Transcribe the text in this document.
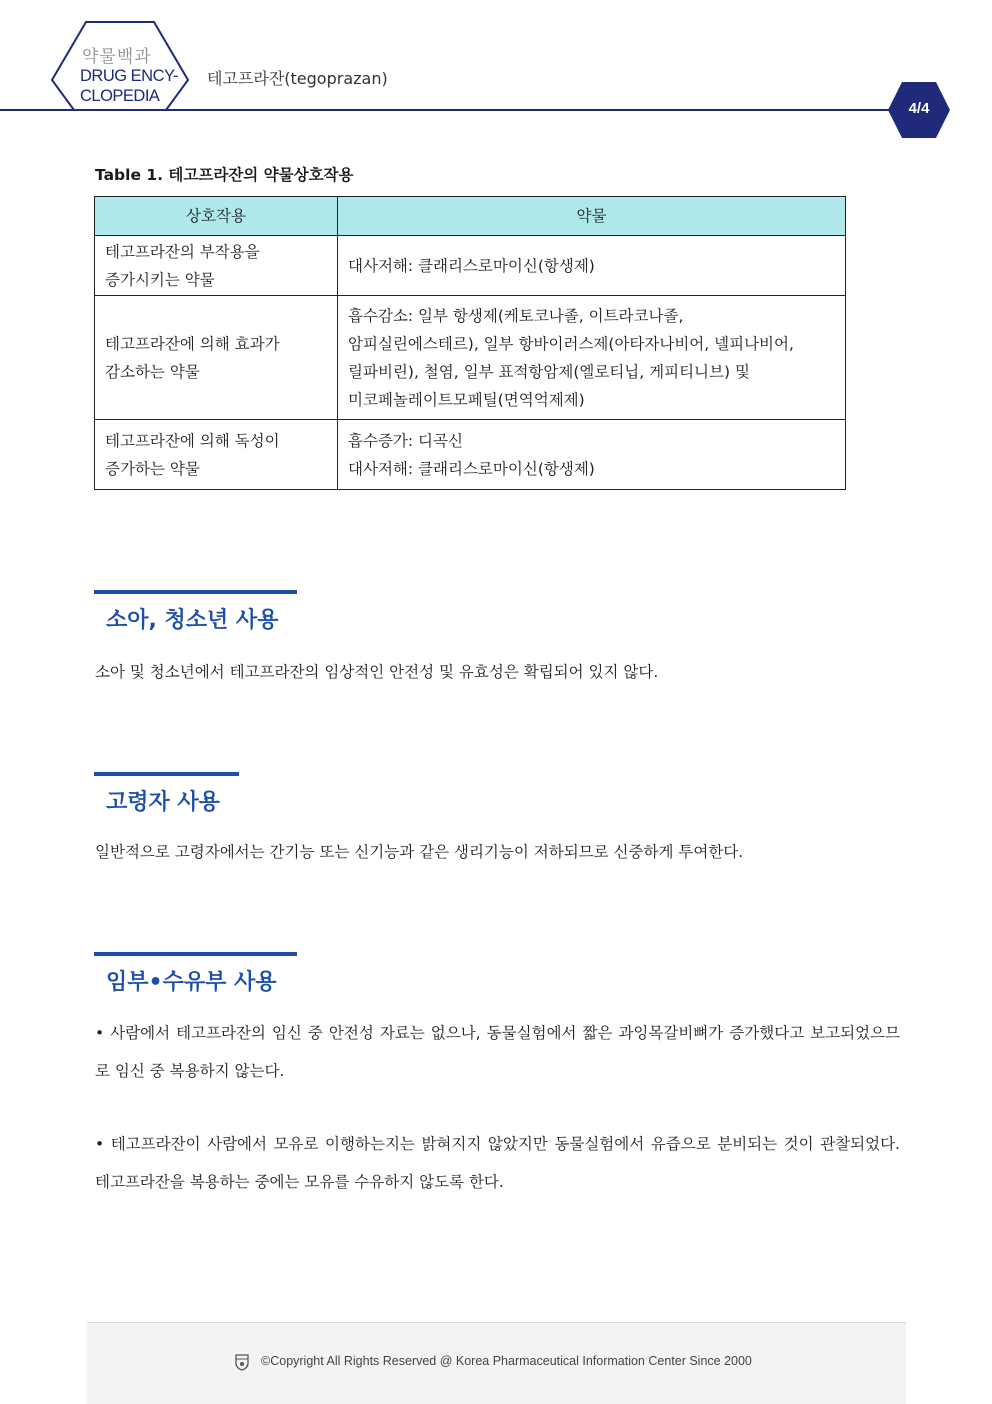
약물백과
DRUG ENCY-
CLOPEDIA
테고프라잔(tegoprazan)
4/4
Table 1. 테고프라잔의 약물상호작용
상호작용	약물

테고프라잔의 부작용을
증가시키는 약물	대사저해: 클래리스로마이신(항생제)

테고프라잔에 의해 효과가
감소하는 약물	흡수감소: 일부 항생제(케토코나졸, 이트라코나졸,
암피실린에스테르), 일부 항바이러스제(아타자나비어, 넬피나비어,
릴파비린), 철염, 일부 표적항암제(엘로티닙, 게피티니브) 및
미코페놀레이트모페틸(면역억제제)

테고프라잔에 의해 독성이
증가하는 약물	흡수증가: 디곡신
대사저해: 클래리스로마이신(항생제)
소아, 청소년 사용
소아 및 청소년에서 테고프라잔의 임상적인 안전성 및 유효성은 확립되어 있지 않다.
고령자 사용
일반적으로 고령자에서는 간기능 또는 신기능과 같은 생리기능이 저하되므로 신중하게 투여한다.
임부•수유부 사용
• 사람에서 테고프라잔의 임신 중 안전성 자료는 없으나, 동물실험에서 짧은 과잉목갈비뼈가 증가했다고 보고되었으므로 임신 중 복용하지 않는다.
• 테고프라잔이 사람에서 모유로 이행하는지는 밝혀지지 않았지만 동물실험에서 유즙으로 분비되는 것이 관찰되었다. 테고프라잔을 복용하는 중에는 모유를 수유하지 않도록 한다.
©Copyright All Rights Reserved @ Korea Pharmaceutical Information Center Since 2000
